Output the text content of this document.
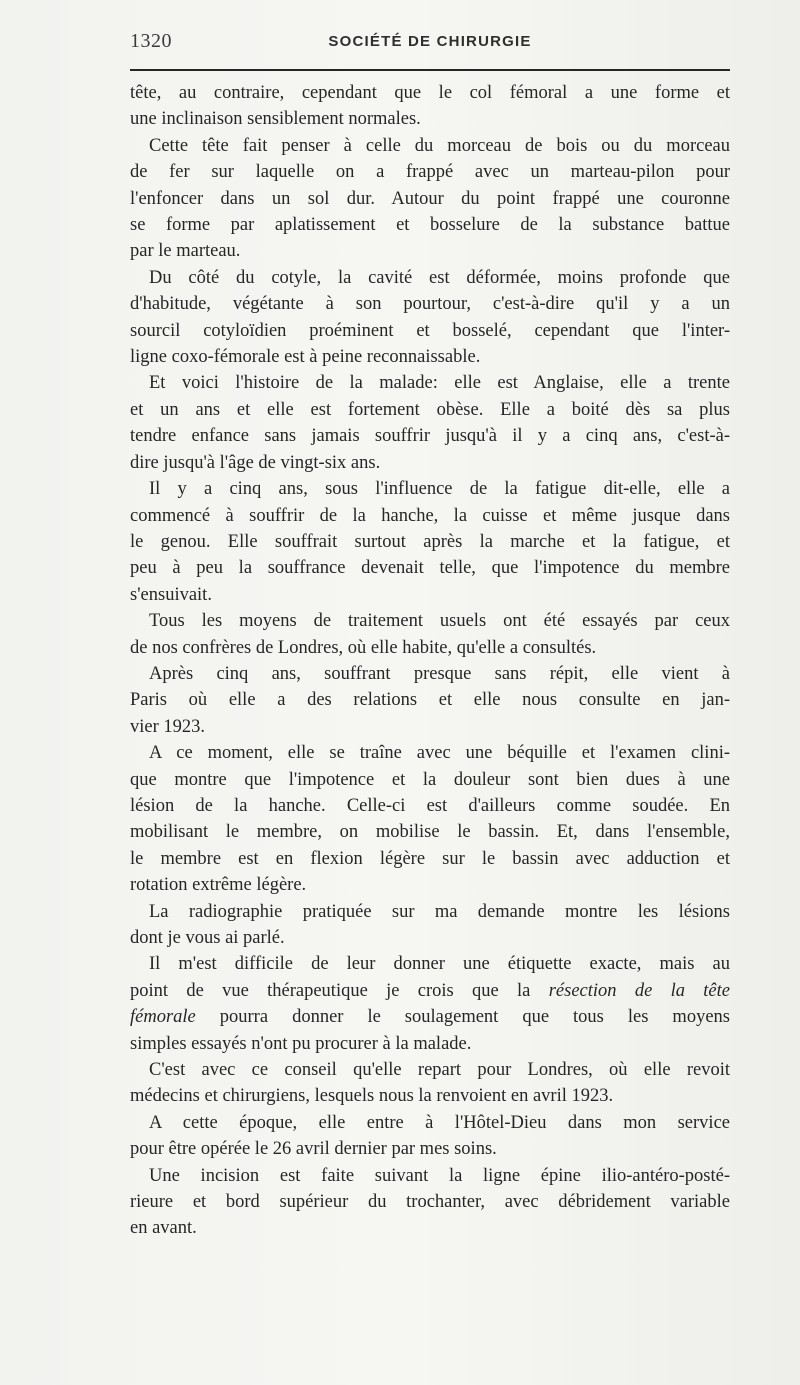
1320	SOCIÉTÉ DE CHIRURGIE

tête, au contraire, cependant que le col fémoral a une forme et
une inclinaison sensiblement normales.

Cette tête fait penser à celle du morceau de bois ou du morceau
de fer sur laquelle on a frappé avec un marteau-pilon pour
l'enfoncer dans un sol dur. Autour du point frappé une couronne
se forme par aplatissement et bosselure de la substance battue
par le marteau.

Du côté du cotyle, la cavité est déformée, moins profonde que
d'habitude, végétante à son pourtour, c'est-à-dire qu'il y a un
sourcil cotyloïdien proéminent et bosselé, cependant que l'inter-
ligne coxo-fémorale est à peine reconnaissable.

Et voici l'histoire de la malade: elle est Anglaise, elle a trente
et un ans et elle est fortement obèse. Elle a boité dès sa plus
tendre enfance sans jamais souffrir jusqu'à il y a cinq ans, c'est-à-
dire jusqu'à l'âge de vingt-six ans.

Il y a cinq ans, sous l'influence de la fatigue dit-elle, elle a
commencé à souffrir de la hanche, la cuisse et même jusque dans
le genou. Elle souffrait surtout après la marche et la fatigue, et
peu à peu la souffrance devenait telle, que l'impotence du membre
s'ensuivait.

Tous les moyens de traitement usuels ont été essayés par ceux
de nos confrères de Londres, où elle habite, qu'elle a consultés.

Après cinq ans, souffrant presque sans répit, elle vient à
Paris où elle a des relations et elle nous consulte en jan-
vier 1923.

A ce moment, elle se traîne avec une béquille et l'examen clini-
que montre que l'impotence et la douleur sont bien dues à une
lésion de la hanche. Celle-ci est d'ailleurs comme soudée. En
mobilisant le membre, on mobilise le bassin. Et, dans l'ensemble,
le membre est en flexion légère sur le bassin avec adduction et
rotation extrême légère.

La radiographie pratiquée sur ma demande montre les lésions
dont je vous ai parlé.

Il m'est difficile de leur donner une étiquette exacte, mais au
point de vue thérapeutique je crois que la résection de la tête
fémorale pourra donner le soulagement que tous les moyens
simples essayés n'ont pu procurer à la malade.

C'est avec ce conseil qu'elle repart pour Londres, où elle revoit
médecins et chirurgiens, lesquels nous la renvoient en avril 1923.

A cette époque, elle entre à l'Hôtel-Dieu dans mon service
pour être opérée le 26 avril dernier par mes soins.

Une incision est faite suivant la ligne épine ilio-antéro-posté-
rieure et bord supérieur du trochanter, avec débridement variable
en avant.
